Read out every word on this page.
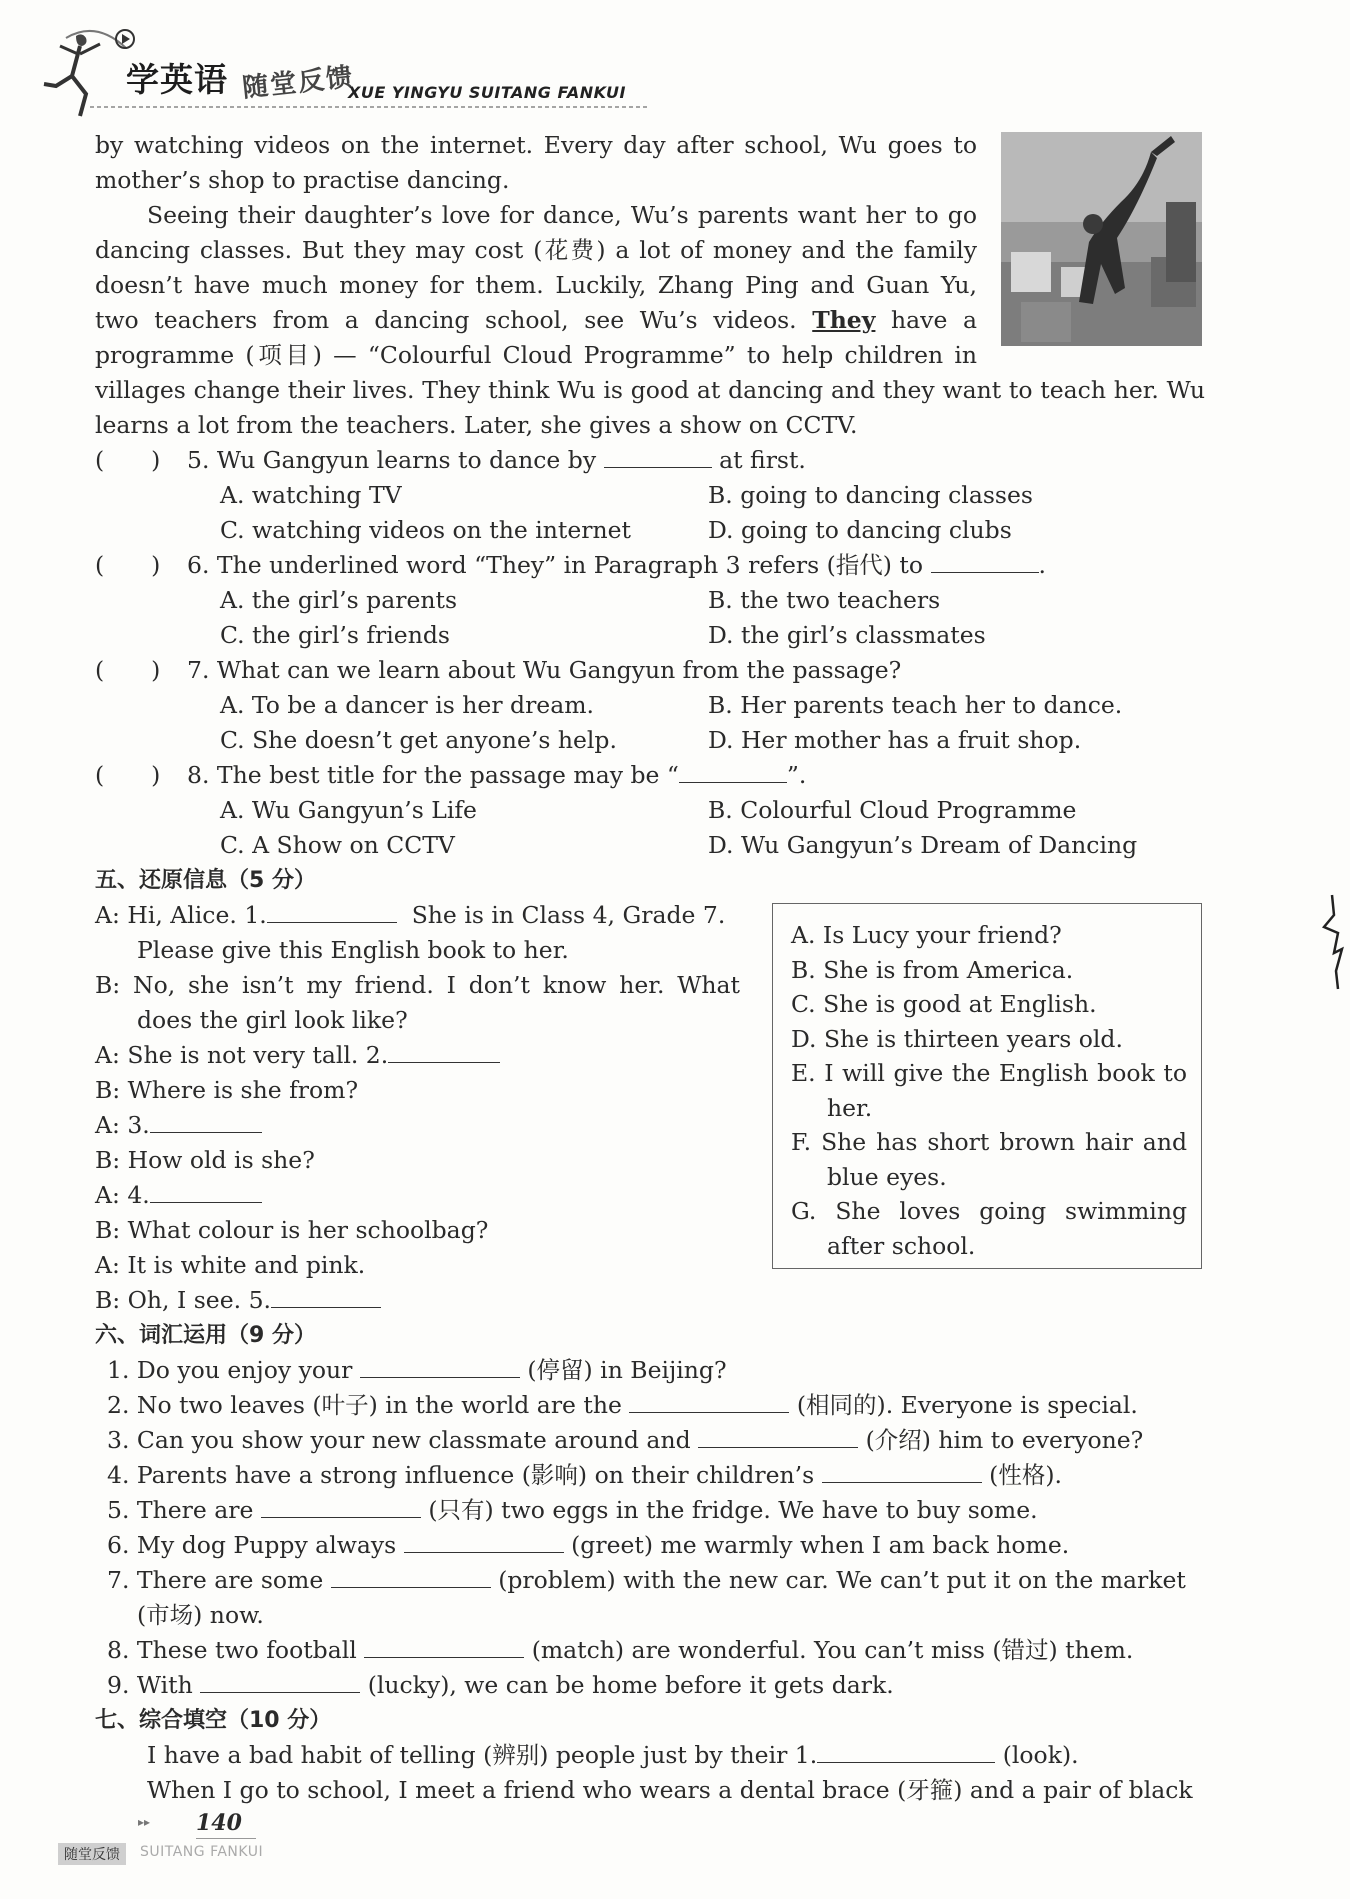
学英语 随堂反馈
XUE YINGYU SUITANG FANKUI
by watching videos on the internet. Every day after school, Wu goes to
mother’s shop to practise dancing.
Seeing their daughter’s love for dance, Wu’s parents want her to go
dancing classes. But they may cost (花费) a lot of money and the family
doesn’t have much money for them. Luckily, Zhang Ping and Guan Yu,
two teachers from a dancing school, see Wu’s videos. They have a
programme (项目) — “Colourful Cloud Programme” to help children in
villages change their lives. They think Wu is good at dancing and they want to teach her. Wu
learns a lot from the teachers. Later, she gives a show on CCTV.
(　　) 5. Wu Gangyun learns to dance by	at first.
A. watching TV	B. going to dancing classes
C. watching videos on the internet	D. going to dancing clubs
(　　) 6. The underlined word “They” in Paragraph 3 refers (指代) to	.
A. the girl’s parents	B. the two teachers
C. the girl’s friends	D. the girl’s classmates
(　　) 7. What can we learn about Wu Gangyun from the passage?
A. To be a dancer is her dream.	B. Her parents teach her to dance.
C. She doesn’t get anyone’s help.	D. Her mother has a fruit shop.
(　　) 8. The best title for the passage may be “	”.
A. Wu Gangyun’s Life	B. Colourful Cloud Programme
C. A Show on CCTV	D. Wu Gangyun’s Dream of Dancing
五、还原信息（5 分）
A: Hi, Alice. 1.	She is in Class 4, Grade 7.
Please give this English book to her.
B: No, she isn’t my friend. I don’t know her. What
does the girl look like?
A: She is not very tall. 2.
B: Where is she from?
A: 3.
B: How old is she?
A: 4.
B: What colour is her schoolbag?
A: It is white and pink.
B: Oh, I see. 5.
A. Is Lucy your friend?
B. She is from America.
C. She is good at English.
D. She is thirteen years old.
E. I will give the English book to her.
F. She has short brown hair and blue eyes.
G. She loves going swimming after school.
六、词汇运用（9 分）
1. Do you enjoy your	(停留) in Beijing?
2. No two leaves (叶子) in the world are the	(相同的). Everyone is special.
3. Can you show your new classmate around and	(介绍) him to everyone?
4. Parents have a strong influence (影响) on their children’s	(性格).
5. There are	(只有) two eggs in the fridge. We have to buy some.
6. My dog Puppy always	(greet) me warmly when I am back home.
7. There are some	(problem) with the new car. We can’t put it on the market
(市场) now.
8. These two football	(match) are wonderful. You can’t miss (错过) them.
9. With	(lucky), we can be home before it gets dark.
七、综合填空（10 分）
I have a bad habit of telling (辨别) people just by their 1.	(look).
When I go to school, I meet a friend who wears a dental brace (牙箍) and a pair of black
▸▸ 140
随堂反馈	SUITANG FANKUI
